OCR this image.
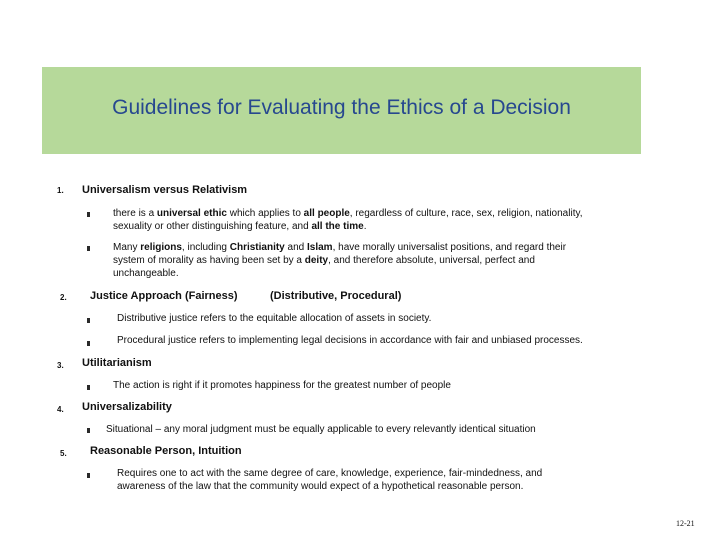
Guidelines for Evaluating the Ethics of a Decision
1. Universalism versus Relativism
there is a universal ethic which applies to all people, regardless of culture, race, sex, religion, nationality,
sexuality or other distinguishing feature, and all the time.
Many religions, including Christianity and Islam, have morally universalist positions, and regard their
system of morality as having been set by a deity, and therefore absolute, universal, perfect and
unchangeable.
2. Justice Approach (Fairness)	(Distributive, Procedural)
Distributive justice refers to the equitable allocation of assets in society.
Procedural justice refers to implementing legal decisions in accordance with fair and unbiased processes.
3. Utilitarianism
The action is right if it promotes happiness for the greatest number of people
4. Universalizability
Situational – any moral judgment must be equally applicable to every relevantly identical situation
5. Reasonable Person, Intuition
Requires one to act with the same degree of care, knowledge, experience, fair-mindedness, and
awareness of the law that the community would expect of a hypothetical reasonable person.
12-21
